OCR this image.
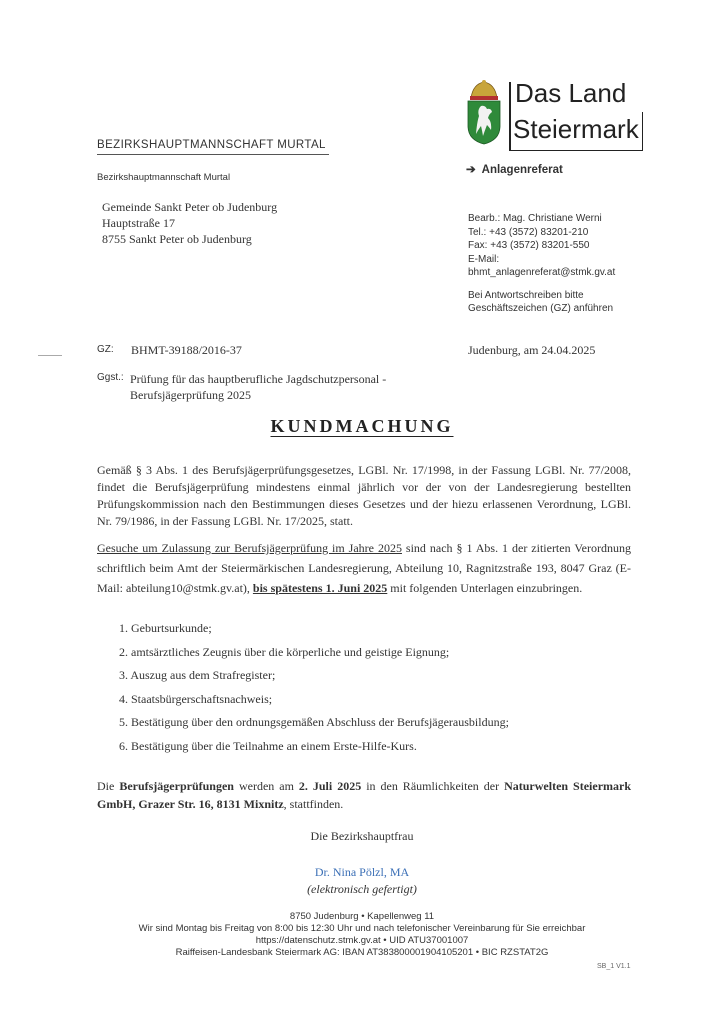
BEZIRKSHAUPTMANNSCHAFT MURTAL
Bezirkshauptmannschaft Murtal
Gemeinde Sankt Peter ob Judenburg
Hauptstraße 17
8755 Sankt Peter ob Judenburg
Das Land
Steiermark
➔ Anlagenreferat
Bearb.: Mag. Christiane Werni
Tel.: +43 (3572) 83201-210
Fax: +43 (3572) 83201-550
E-Mail:
bhmt_anlagenreferat@stmk.gv.at
Bei Antwortschreiben bitte
Geschäftszeichen (GZ) anführen
GZ: BHMT-39188/2016-37	Judenburg, am 24.04.2025
Ggst.: Prüfung für das hauptberufliche Jagdschutzpersonal -
Berufsjägerprüfung 2025
KUNDMACHUNG
Gemäß § 3 Abs. 1 des Berufsjägerprüfungsgesetzes, LGBl. Nr. 17/1998, in der Fassung LGBl. Nr. 77/2008, findet die Berufsjägerprüfung mindestens einmal jährlich vor der von der Landesregierung bestellten Prüfungskommission nach den Bestimmungen dieses Gesetzes und der hiezu erlassenen Verordnung, LGBl. Nr. 79/1986, in der Fassung LGBl. Nr. 17/2025, statt.
Gesuche um Zulassung zur Berufsjägerprüfung im Jahre 2025 sind nach § 1 Abs. 1 der zitierten Verordnung schriftlich beim Amt der Steiermärkischen Landesregierung, Abteilung 10, Ragnitzstraße 193, 8047 Graz (E-Mail: abteilung10@stmk.gv.at), bis spätestens 1. Juni 2025 mit folgenden Unterlagen einzubringen.
1. Geburtsurkunde;
2. amtsärztliches Zeugnis über die körperliche und geistige Eignung;
3. Auszug aus dem Strafregister;
4. Staatsbürgerschaftsnachweis;
5. Bestätigung über den ordnungsgemäßen Abschluss der Berufsjägerausbildung;
6. Bestätigung über die Teilnahme an einem Erste-Hilfe-Kurs.
Die Berufsjägerprüfungen werden am 2. Juli 2025 in den Räumlichkeiten der Naturwelten Steiermark GmbH, Grazer Str. 16, 8131 Mixnitz, stattfinden.
Die Bezirkshauptfrau
Dr. Nina Pölzl, MA
(elektronisch gefertigt)
8750 Judenburg • Kapellenweg 11
Wir sind Montag bis Freitag von 8:00 bis 12:30 Uhr und nach telefonischer Vereinbarung für Sie erreichbar
https://datenschutz.stmk.gv.at • UID ATU37001007
Raiffeisen-Landesbank Steiermark AG: IBAN AT383800001904105201 • BIC RZSTAT2G
SB_1 V1.1
